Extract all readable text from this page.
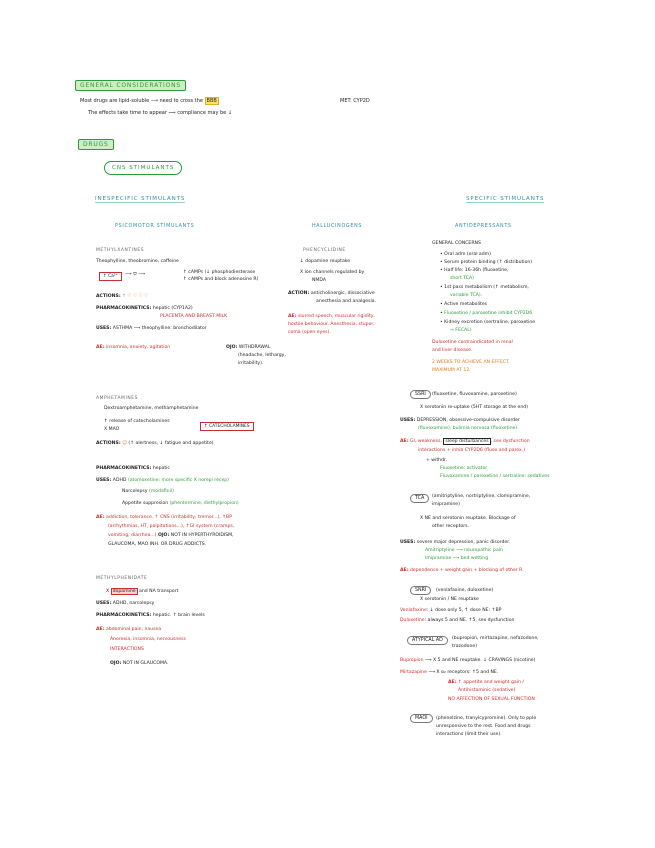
GENERAL CONSIDERATIONS
Most drugs are lipid-soluble ⟶ need to cross the BBB	MET: CYP2D
The effects take time to appear ⟹ compliance may be ↓
DRUGS
CNS STIMULANTS
INESPECIFIC STIMULANTS	SPECIFIC STIMULANTS
PSICOMOTOR STIMULANTS
METHYLXANTINES
Theophylline, theobromine, caffeine
↑ Ca²⁺	⟶ ⬭ ⟶	↑ cAMPs (↓ phosphodiesterase
↑ cAMPs and block adenosine R)
ACTIONS: ↑ ♡ ♡ ♡ ♡
PHARMACOKINETICS: hepatic (CYP1A2)
PLACENTA AND BREAST MILK
USES: ASTHMA ⟶ theophylline: bronchodilator
AE: insomnia, anxiety, agitation	OJO: WITHDRAWAL
(headache, lethargy,
irritability).
HALLUCINOGENS
PHENCYCLIDINE
↓ dopamine reuptake
X ion channels regulated by
NMDA
ACTION: anticholinergic, dissociative
anesthesia and analgesia.
AE: slurred speech, muscular rigidity,
hostile behaviour. Anesthesia, stupor,
coma (open eyes).
ANTIDEPRESSANTS
GENERAL CONCERNS
• Oral adm (oral adm)
• Serum protein binding (↑ distribution)
• Half life: 16-36h (fluoxetine,
short TCA)
• 1st pass metabolism (↑ metabolism,
variable TCA).
• Active metabolites
• Fluoxetine / paroxetine inhibit CYP2D6
• Kidney excretion (sertraline, paroxetine
→ FECAL)
Duloxetine contraindicated in renal
and liver disease.
2 WEEKS TO ACHIEVE AN EFFECT.
MAXIMUM AT 12.
SSRI	(fluoxetine, fluvoxamine, paroxetine)
X serotonin re-uptake (5HT storage at the end)
USES: DEPRESSION, obsessive-compulsive disorder
(fluvoxamine), bulimia nervosa (fluoxetine).
AE: GI, weakness, sleep disturbances , sex dysfunction
interactions + inhib CYP2D6 (fluox and parox.)
+ withdr.
Fluoxetine: activator
Fluvoxamine / paroxetine / sertraline: sedatives
TCA	(amitriptyline, nortriptyline, clomipramine,
imipramine)
X NE and serotonin reuptake. Blockage of
other receptors.
USES: severe major depression, panic disorder.
Amitriptyline ⟶ neuropathic pain
Imipramine ⟶ bed wetting
AE: dependence + weight gain + blocking of other R.
SNRI	(venlafaxine, duloxetine)
X serotonin / NE reuptake
Venlafaxine: ↓ dose only 5, ↑ dose NE: ↑BP
Duloxetine: always 5 and NE. ↑5, sex dysfunction
ATYPICAL AD	(bupropion, mirtazapine, nefazodone,
trazodone)
Bupropion ⟶ X 5 and NE reuptake. ↓ CRAVINGS (nicotine)
Mirtazapine ⟶ X α₂ receptors: ↑5 and NE.
AE: ↑ appetite and weight gain /
Antihistaminic (sedative)
NO AFFECTION OF SEXUAL FUNCTION
MAOI	(phenelzine, tranylcypromine). Only to pple
unresponsive to the rest. Food and drugs
interactions (limit their use).
AMPHETAMINES
Dextroamphetamine, methamphetamine
↑ release of catecholamines
X MAO
↑ CATECHOLAMINES
ACTIONS: ☺ (↑ alertness, ↓ fatigue and appetite)
PHARMACOKINETICS: hepatic
USES: ADHD (atomoxetine: more specific X norepi recep)
Narcolepsy (modafinil)
Appetite suppresion (phentermine, diethylpropion)
AE: addiction, tolerance. ↑ CNS (irritability, tremor...), ↑BP
(arrhythmias, HT, palpitations...), ↑GI system (cramps,
vomiting, diarrhea...) OJO: NOT IN HYPERTHYROIDISM,
GLAUCOMA, MAO INH. OR DRUG ADDICTS.
METHYLPHENIDATE
X dopamine and NA transport
USES: ADHD, narcolepsy
PHARMACOKINETICS: hepatic. ↑ brain levels
AE: abdominal pain, nausea
Anorexia, insomnia, nervousness
INTERACTIONS
OJO: NOT IN GLAUCOMA.
